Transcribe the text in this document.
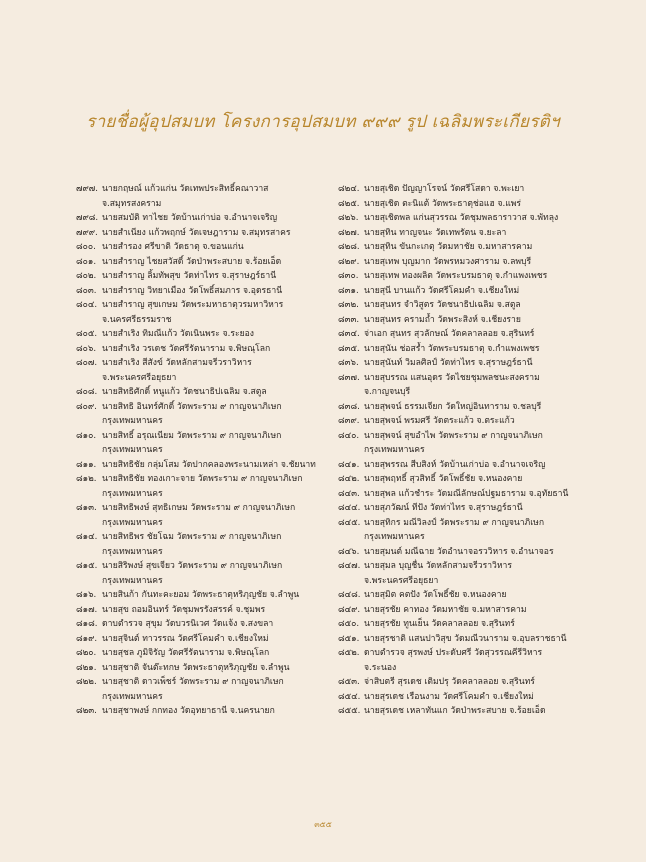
รายชื่อผู้อุปสมบท โครงการอุปสมบท ๙๙๙ รูป เฉลิมพระเกียรติฯ
๗๙๗. นายกฤษณ์ แก้วแก่น วัดเทพประสิทธิ์คณาวาส
จ.สมุทรสงคราม
๗๙๘. นายสมบัติ ทาไชย วัดบ้านเก่าบ่อ จ.อำนาจเจริญ
๗๙๙. นายสำเนียง แก้วพฤกษ์ วัดเจษฎาราม จ.สมุทรสาคร
๘๐๐. นายสำรอง ศรีขาติ วัดธาตุ จ.ขอนแก่น
๘๐๑. นายสำราญ ไชยสวัสดิ์ วัดป่าพระสบาย จ.ร้อยเอ็ด
๘๐๒. นายสำราญ ลิ้มทัพสุข วัดท่าไทร จ.สุราษฎร์ธานี
๘๐๓. นายสำราญ วิทยาเมือง วัดโพธิ์สมภาร จ.อุดรธานี
๘๐๔. นายสำราญ สุขเกษม วัดพระมหาธาตุวรมหาวิหาร
จ.นครศรีธรรมราช
๘๐๕. นายสำเริง ทิมณีแก้ว วัดเนินพระ จ.ระยอง
๘๐๖. นายสำเริง วรเดช วัดศรีรัตนาราม จ.พิษณุโลก
๘๐๗. นายสำเริง สีสังข์ วัดหลักสามจรีวราวิหาร
จ.พระนครศรีอยุธยา
๘๐๘. นายสิทธิศักดิ์ หนูแก้ว วัดชนาธิปเฉลิม จ.สตูล
๘๐๙. นายสิทธิ อินทร์ศักดิ์ วัดพระราม ๙ กาญจนาภิเษก
กรุงเทพมหานคร
๘๑๐. นายสิทธิ์ อรุณเนียม วัดพระราม ๙ กาญจนาภิเษก
กรุงเทพมหานคร
๘๑๑. นายสิทธิชัย กลุ่มโสม วัดปากคลองพระนามเหล่า จ.ชัยนาท
๘๑๒. นายสิทธิชัย ทองเกาะจาย วัดพระราม ๙ กาญจนาภิเษก
กรุงเทพมหานคร
๘๑๓. นายสิทธิพงษ์ สุทธิเกษม วัดพระราม ๙ กาญจนาภิเษก
กรุงเทพมหานคร
๘๑๔. นายสิทธิพร ชัยโฉม วัดพระราม ๙ กาญจนาภิเษก
กรุงเทพมหานคร
๘๑๕. นายสิริพงษ์ สุขเจียว วัดพระราม ๙ กาญจนาภิเษก
กรุงเทพมหานคร
๘๑๖. นายสินก้า กันทะคะยอม วัดพระธาตุหริภุญชัย จ.ลำพูน
๘๑๗. นายสุข ถอมอินทร์ วัดชุมพรรังสรรค์ จ.ชุมพร
๘๑๘. ดาบตำรวจ สุขุม วัดบวรนิเวศ วัดแจ้ง จ.สงขลา
๘๑๙. นายสุจินต์ ทาวรรณ วัดศรีโคมคำ จ.เชียงใหม่
๘๒๐. นายสุชล ภูมิจิรัญ วัดศรีรัตนาราม จ.พิษณุโลก
๘๒๑. นายสุชาติ จันต๊ะทกษ วัดพระธาตุหริภุญชัย จ.ลำพูน
๘๒๒. นายสุชาติ ดาวเพ็ชร์ วัดพระราม ๙ กาญจนาภิเษก
กรุงเทพมหานคร
๘๒๓. นายสุชาพงษ์ กกทอง วัดอุทยาธานี จ.นครนายก
๘๒๔. นายสุเชิด ปัญญาโรจน์ วัดศรีโสดา จ.พะเยา
๘๒๕. นายสุเชิด ตะนิแต้ วัดพระธาตุช่อแฮ จ.แพร่
๘๒๖. นายสุเชิดพล แก่นสุวรรณ วัดชุมพลธาราวาส จ.พัทลุง
๘๒๗. นายสุทิน ทาญจนะ วัดเทพรัตน จ.ยะลา
๘๒๘. นายสุทิน ขันกะเกตุ วัดมหาชัย จ.มหาสารคาม
๘๒๙. นายสุเทพ บุญมาก วัดพรหมวงศาราม จ.ลพบุรี
๘๓๐. นายสุเทพ ทองผลิต วัดพระบรมธาตุ จ.กำแพงเพชร
๘๓๑. นายสุนี บานแก้ว วัดศรีโคมคำ จ.เชียงใหม่
๘๓๒. นายสุนทร จำวิสูตร วัดชนาธิปเฉลิม จ.สตูล
๘๓๓. นายสุนทร ครามถ้ำ วัดพระสิงห์ จ.เชียงราย
๘๓๔. จ่าเอก สุนทร สุวลักษณ์ วัดคลาลลอย จ.สุรินทร์
๘๓๕. นายสุนัน ช่อสร้ำ วัดพระบรมธาตุ จ.กำแพงเพชร
๘๓๖. นายสุนันท์ วิมลศิลป์ วัดท่าไทร จ.สุราษฎร์ธานี
๘๓๗. นายสุบรรณ แสนอุดร วัดไชยชุมพลชนะสงคราม
จ.กาญจนบุรี
๘๓๘. นายสุพจน์ ธรรมเจียก วัดใหญ่อินทาราม จ.ชลบุรี
๘๓๙. นายสุพจน์ พรมศรี วัดตระแก้ว จ.ตระแก้ว
๘๔๐. นายสุพจน์ สุขอำไพ วัดพระราม ๙ กาญจนาภิเษก
กรุงเทพมหานคร
๘๔๑. นายสุพรรณ สีบสิงห์ วัดบ้านเก่าบ่อ จ.อำนาจเจริญ
๘๔๒. นายสุพฤทธิ์ สุวสิทธิ์ วัดโพธิ์ชัย จ.หนองคาย
๘๔๓. นายสุพล แก้วชำระ วัดมณีลักษณ์ปฐมธาราม จ.อุทัยธานี
๘๔๔. นายสุภวัฒน์ ทีปัง วัดท่าไทร จ.สุราษฎร์ธานี
๘๔๕. นายสุทิกร มณีวิลงป์ วัดพระราม ๙ กาญจนาภิเษก
กรุงเทพมหานคร
๘๔๖. นายสุมนต์ มณีฉาย วัดอำนาจอรววิหาร จ.อำนาจอร
๘๔๗. นายสุมล บุญชื่น วัดหลักสามจรีวราวิหาร
จ.พระนครศรีอยุธยา
๘๔๘. นายสุมิต คตปัง วัดโพธิ์ชัย จ.หนองคาย
๘๔๙. นายสุรชัย คาทอง วัดมหาชัย จ.มหาสารคาม
๘๕๐. นายสุรชัย ทูนเย็น วัดคลาลลอย จ.สุรินทร์
๘๕๑. นายสุรชาติ แสนปาวิสุข วัดมณีวนาราม จ.อุบลราชธานี
๘๕๒. ดาบตำรวจ สุรพงษ์ ประดับศรี วัดสุวรรณคีรีวิหาร
จ.ระนอง
๘๕๓. จ่าสิบตรี สุรเดช เติมปรุ วัดคลาลลอย จ.สุรินทร์
๘๕๔. นายสุรเดช เรือนงาม วัดศรีโคมคำ จ.เชียงใหม่
๘๕๕. นายสุรเดช เหลาทันแก วัดป่าพระสบาย จ.ร้อยเอ็ด
๓๕๕
